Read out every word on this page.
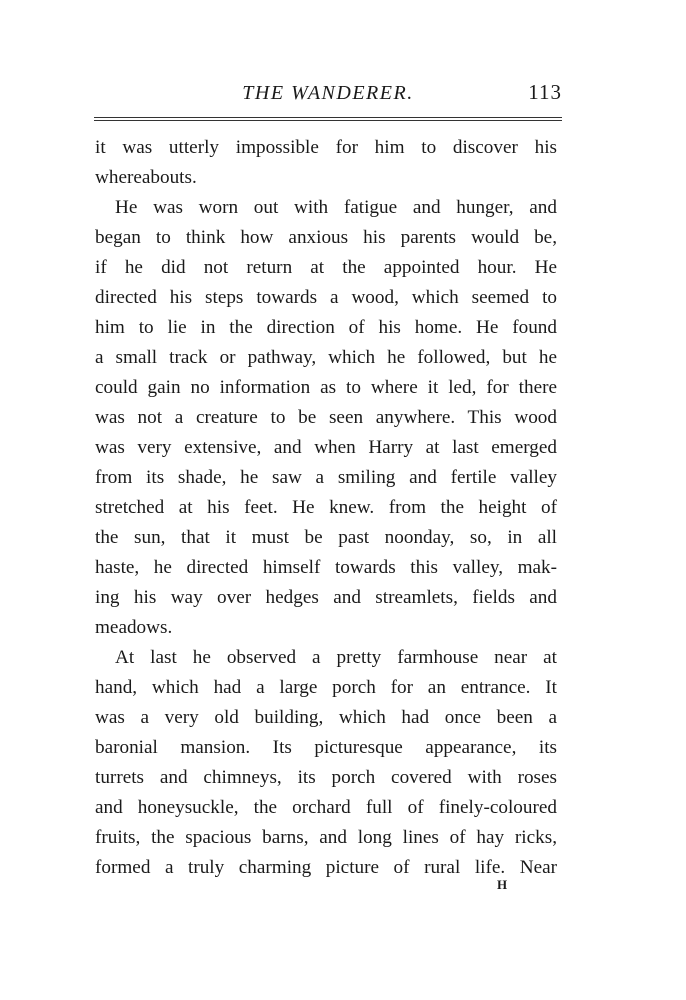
THE WANDERER.	113
it was utterly impossible for him to discover his
whereabouts.
He was worn out with fatigue and hunger, and
began to think how anxious his parents would be,
if he did not return at the appointed hour. He
directed his steps towards a wood, which seemed to
him to lie in the direction of his home. He found
a small track or pathway, which he followed, but he
could gain no information as to where it led, for there
was not a creature to be seen anywhere. This wood
was very extensive, and when Harry at last emerged
from its shade, he saw a smiling and fertile valley
stretched at his feet. He knew. from the height of
the sun, that it must be past noonday, so, in all
haste, he directed himself towards this valley, mak-
ing his way over hedges and streamlets, fields and
meadows.
At last he observed a pretty farmhouse near at
hand, which had a large porch for an entrance. It
was a very old building, which had once been a
baronial mansion. Its picturesque appearance, its
turrets and chimneys, its porch covered with roses
and honeysuckle, the orchard full of finely-coloured
fruits, the spacious barns, and long lines of hay ricks,
formed a truly charming picture of rural life. Near
H
